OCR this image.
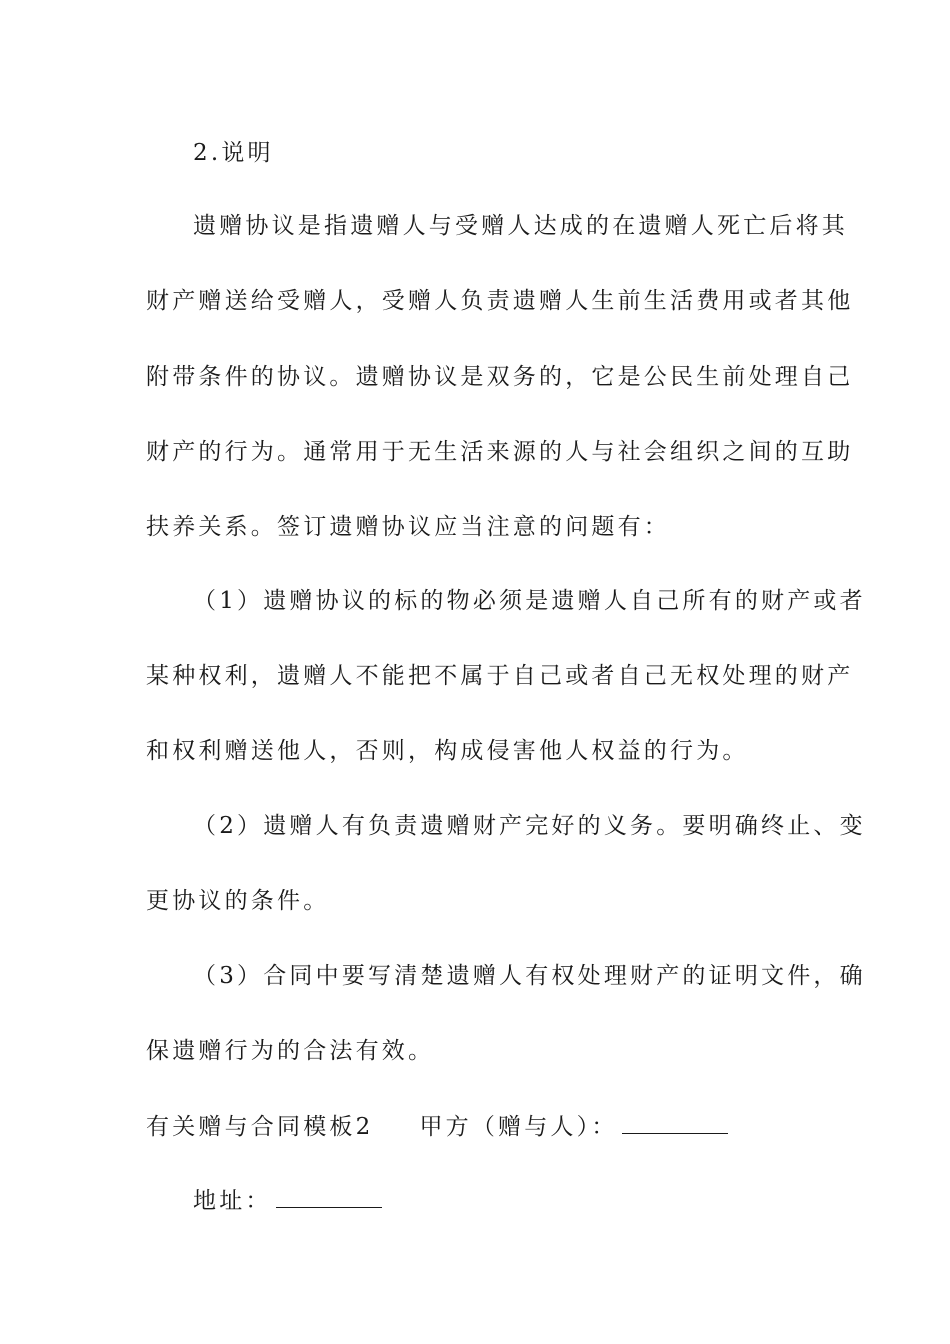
2.说明
遗赠协议是指遗赠人与受赠人达成的在遗赠人死亡后将其
财产赠送给受赠人，受赠人负责遗赠人生前生活费用或者其他
附带条件的协议。遗赠协议是双务的，它是公民生前处理自己
财产的行为。通常用于无生活来源的人与社会组织之间的互助
扶养关系。签订遗赠协议应当注意的问题有：
（1）遗赠协议的标的物必须是遗赠人自己所有的财产或者
某种权利，遗赠人不能把不属于自己或者自己无权处理的财产
和权利赠送他人，否则，构成侵害他人权益的行为。
（2）遗赠人有负责遗赠财产完好的义务。要明确终止、变
更协议的条件。
（3）合同中要写清楚遗赠人有权处理财产的证明文件，确
保遗赠行为的合法有效。
有关赠与合同模板2 甲方（赠与人）：
地址：
